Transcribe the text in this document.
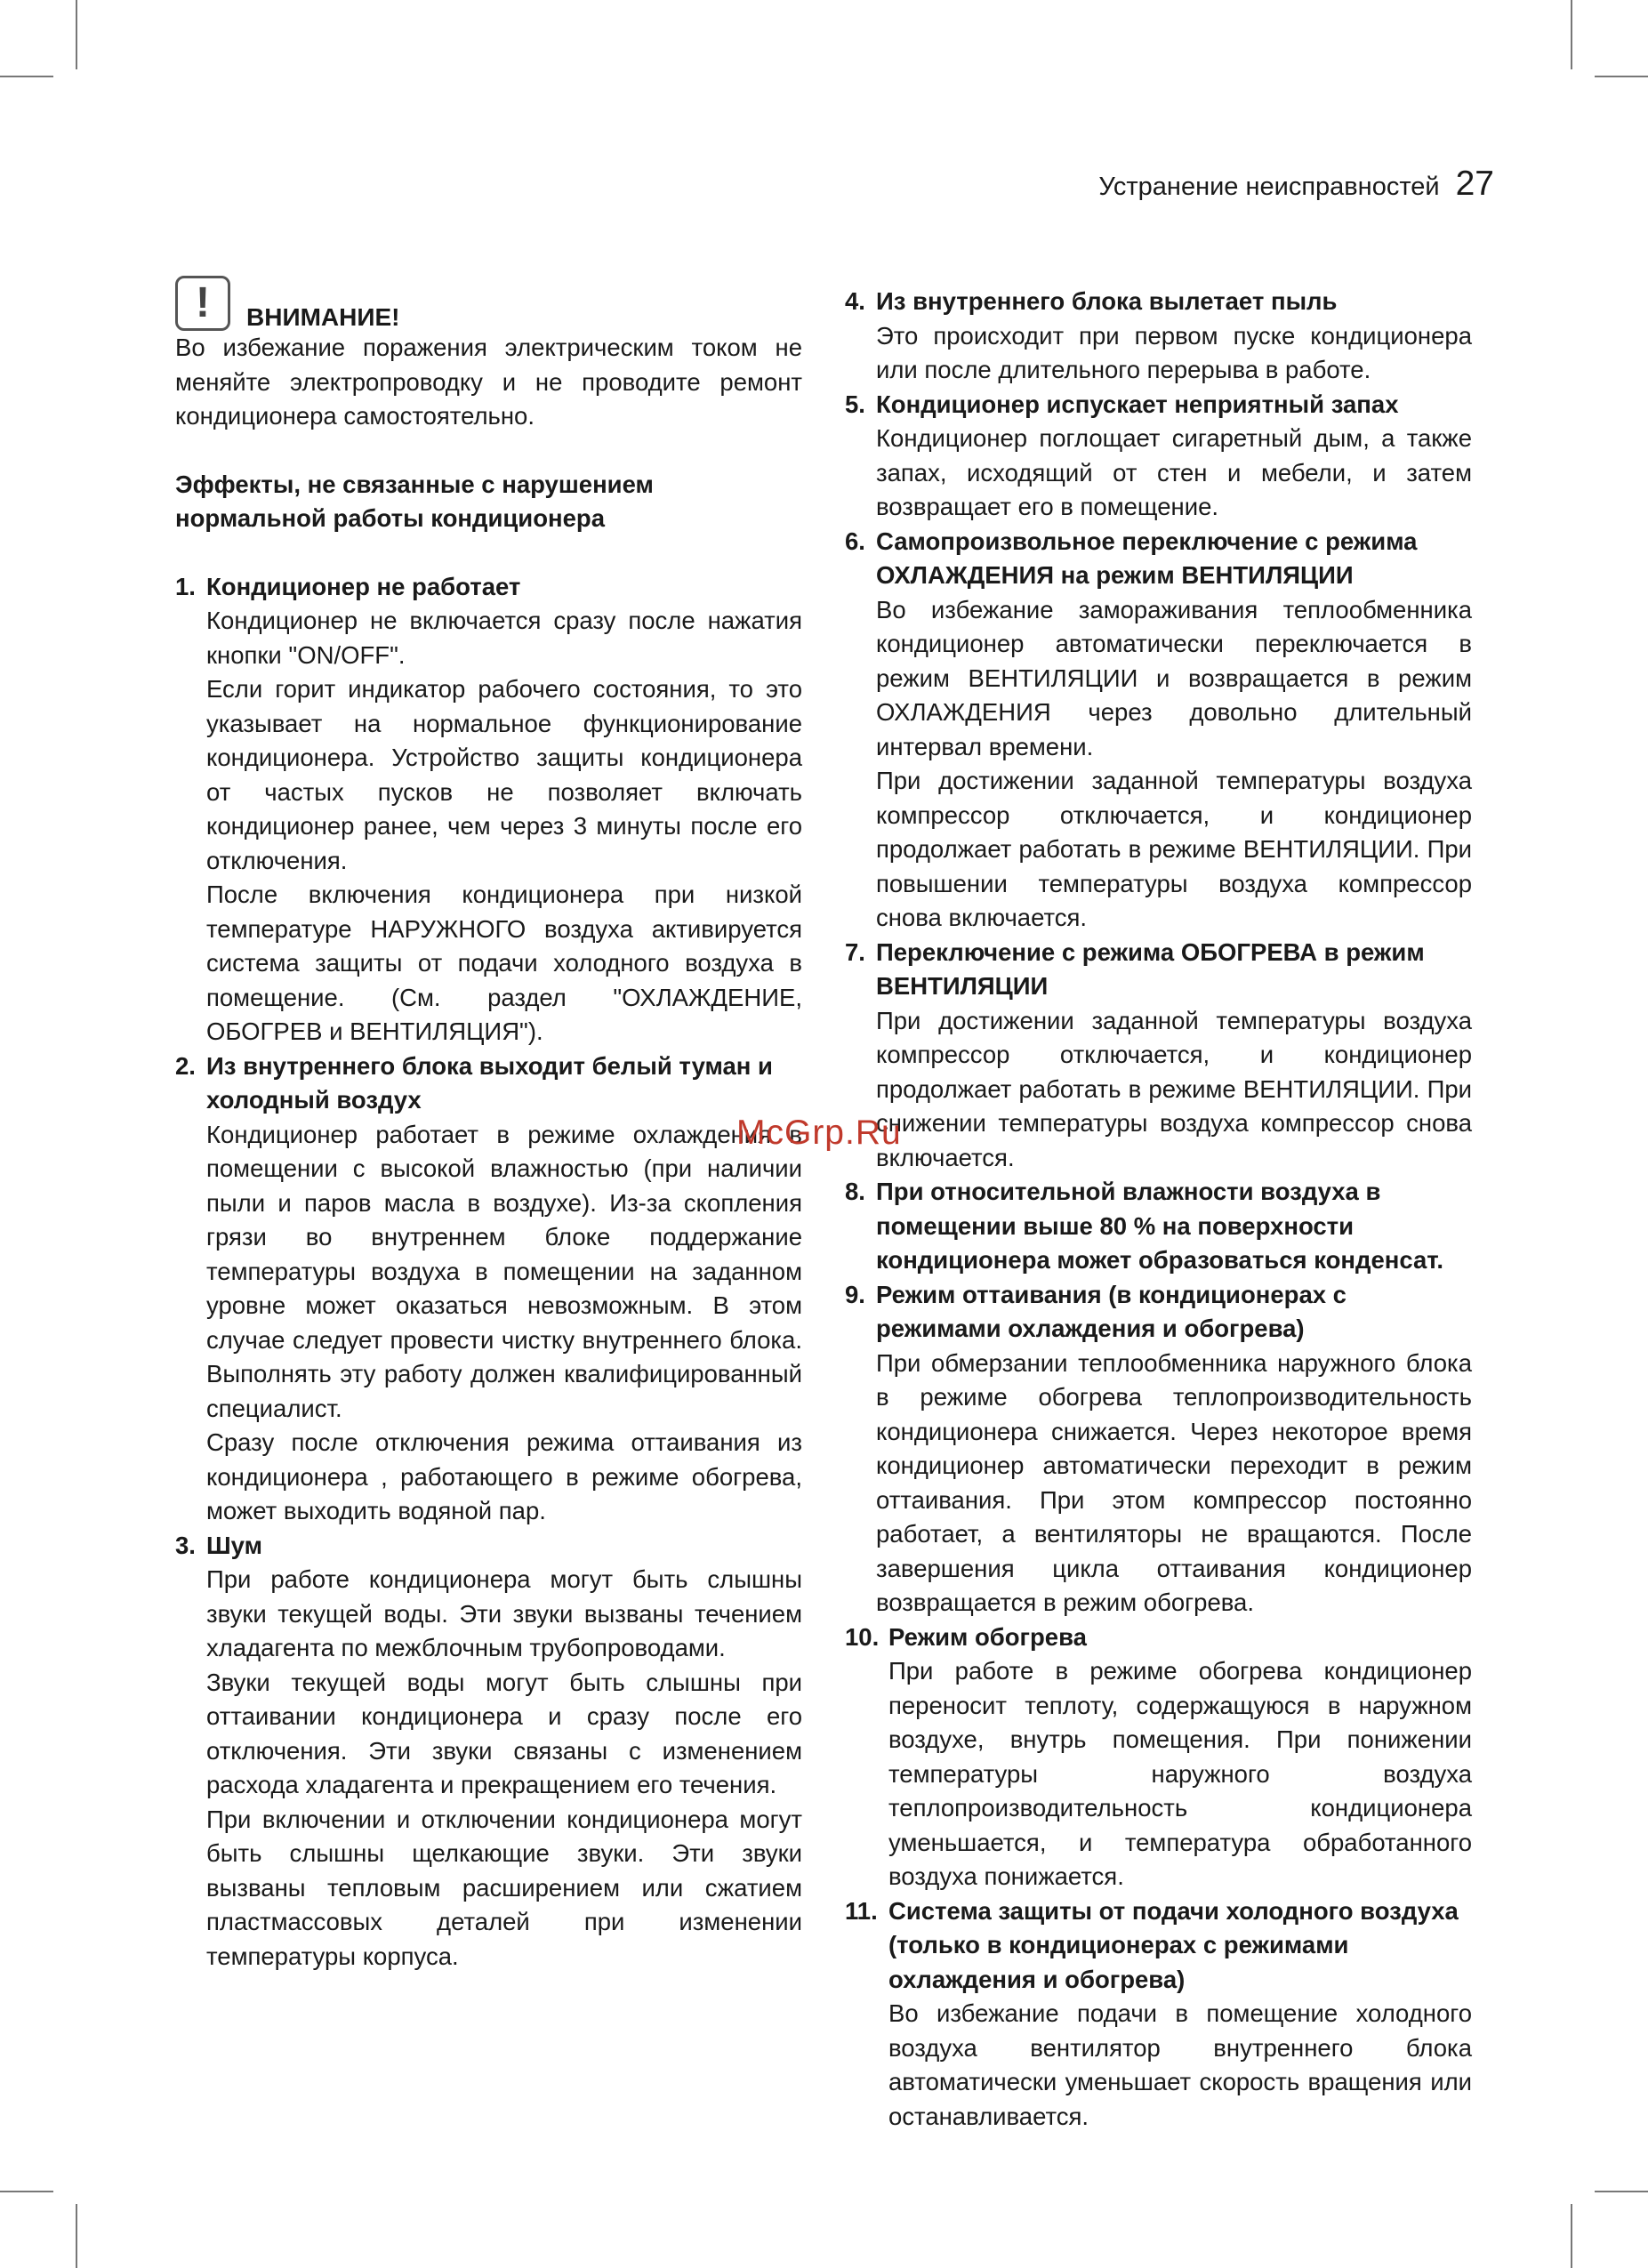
Устранение неисправностей 27
!	ВНИМАНИЕ!

Во избежание поражения электрическим током не меняйте электропроводку и не проводите ремонт кондиционера самостоятельно.

Эффекты, не связанные с нарушением нормальной работы кондиционера

1. Кондиционер не работает

Кондиционер не включается сразу после нажатия кнопки "ON/OFF".

Если горит индикатор рабочего состояния, то это указывает на нормальное функционирование кондиционера. Устройство защиты кондиционера от частых пусков не позволяет включать кондиционер ранее, чем через 3 минуты после его отключения.

После включения кондиционера при низкой температуре НАРУЖНОГО воздуха активируется система защиты от подачи холодного воздуха в помещение. (См. раздел "ОХЛАЖДЕНИЕ, ОБОГРЕВ и ВЕНТИЛЯЦИЯ").

2. Из внутреннего блока выходит белый туман и холодный воздух

Кондиционер работает в режиме охлаждения в помещении с высокой влажностью (при наличии пыли и паров масла в воздухе). Из-за скопления грязи во внутреннем блоке поддержание температуры воздуха в помещении на заданном уровне может оказаться невозможным. В этом случае следует провести чистку внутреннего блока. Выполнять эту работу должен квалифицированный специалист.

Сразу после отключения режима оттаивания из кондиционера , работающего в режиме обогрева, может выходить водяной пар.

3. Шум

При работе кондиционера могут быть слышны звуки текущей воды. Эти звуки вызваны течением хладагента по межблочным трубопроводами.

Звуки текущей воды могут быть слышны при оттаивании кондиционера и сразу после его отключения. Эти звуки связаны с изменением расхода хладагента и прекращением его течения.

При включении и отключении кондиционера могут быть слышны щелкающие звуки. Эти звуки вызваны тепловым расширением или сжатием пластмассовых деталей при изменении температуры корпуса.

4. Из внутреннего блока вылетает пыль

Это происходит при первом пуске кондиционера или после длительного перерыва в работе.

5. Кондиционер испускает неприятный запах

Кондиционер поглощает сигаретный дым, а также запах, исходящий от стен и мебели, и затем возвращает его в помещение.

6. Самопроизвольное переключение с режима ОХЛАЖДЕНИЯ на режим ВЕНТИЛЯЦИИ

Во избежание замораживания теплообменника кондиционер автоматически переключается в режим ВЕНТИЛЯЦИИ и возвращается в режим ОХЛАЖДЕНИЯ через довольно длительный интервал времени.

При достижении заданной температуры воздуха компрессор отключается, и кондиционер продолжает работать в режиме ВЕНТИЛЯЦИИ. При повышении температуры воздуха компрессор снова включается.

7. Переключение с режима ОБОГРЕВА в режим ВЕНТИЛЯЦИИ

При достижении заданной температуры воздуха компрессор отключается, и кондиционер продолжает работать в режиме ВЕНТИЛЯЦИИ. При снижении температуры воздуха компрессор снова включается.

8. При относительной влажности воздуха в помещении выше 80 % на поверхности кондиционера может образоваться конденсат.

9. Режим оттаивания (в кондиционерах с режимами охлаждения и обогрева)

При обмерзании теплообменника наружного блока в режиме обогрева теплопроизводительность кондиционера снижается. Через некоторое время кондиционер автоматически переходит в режим оттаивания. При этом компрессор постоянно работает, а вентиляторы не вращаются. После завершения цикла оттаивания кондиционер возвращается в режим обогрева.

10. Режим обогрева

При работе в режиме обогрева кондиционер переносит теплоту, содержащуюся в наружном воздухе, внутрь помещения. При понижении температуры наружного воздуха теплопроизводительность кондиционера уменьшается, и температура обработанного воздуха понижается.

11. Система защиты от подачи холодного воздуха (только в кондиционерах с режимами охлаждения и обогрева)

Во избежание подачи в помещение холодного воздуха вентилятор внутреннего блока автоматически уменьшает скорость вращения или останавливается.

McGrp.Ru
